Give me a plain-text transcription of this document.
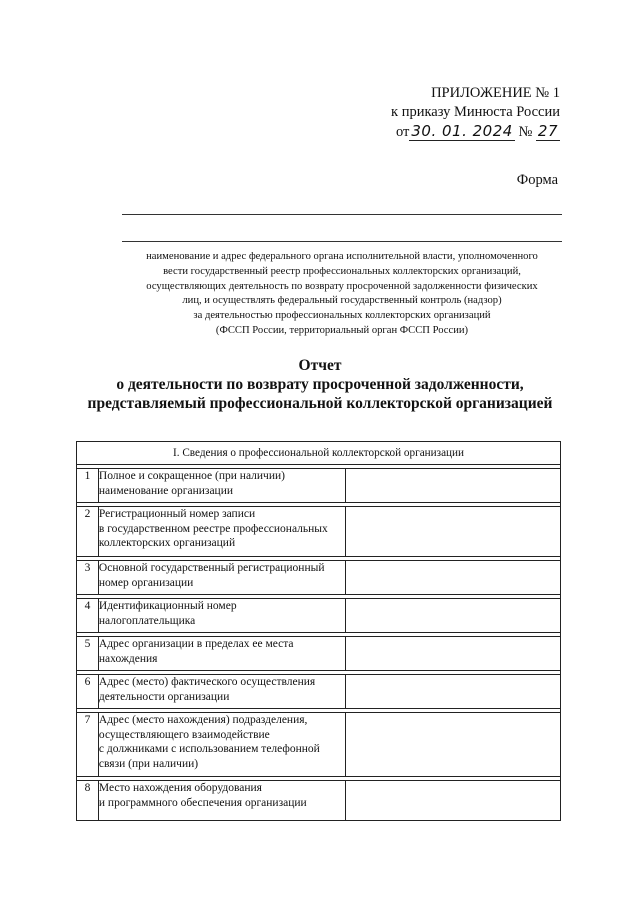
ПРИЛОЖЕНИЕ № 1
к приказу Минюста России
от 30. 01. 2024 № 27
Форма
наименование и адрес федерального органа исполнительной власти, уполномоченного
вести государственный реестр профессиональных коллекторских организаций,
осуществляющих деятельность по возврату просроченной задолженности физических
лиц, и осуществлять федеральный государственный контроль (надзор)
за деятельностью профессиональных коллекторских организаций
(ФССП России, территориальный орган ФССП России)
Отчет
о деятельности по возврату просроченной задолженности,
представляемый профессиональной коллекторской организацией
I. Сведения о профессиональной коллекторской организации		

1	Полное и сокращенное (при наличии)
наименование организации	

2	Регистрационный номер записи
в государственном реестре профессиональных
коллекторских организаций	

3	Основной государственный регистрационный
номер организации	

4	Идентификационный номер
налогоплательщика	

5	Адрес организации в пределах ее места
нахождения	

6	Адрес (место) фактического осуществления
деятельности организации	

7	Адрес (место нахождения) подразделения,
осуществляющего взаимодействие
с должниками с использованием телефонной
связи (при наличии)	

8	Место нахождения оборудования
и программного обеспечения организации	
